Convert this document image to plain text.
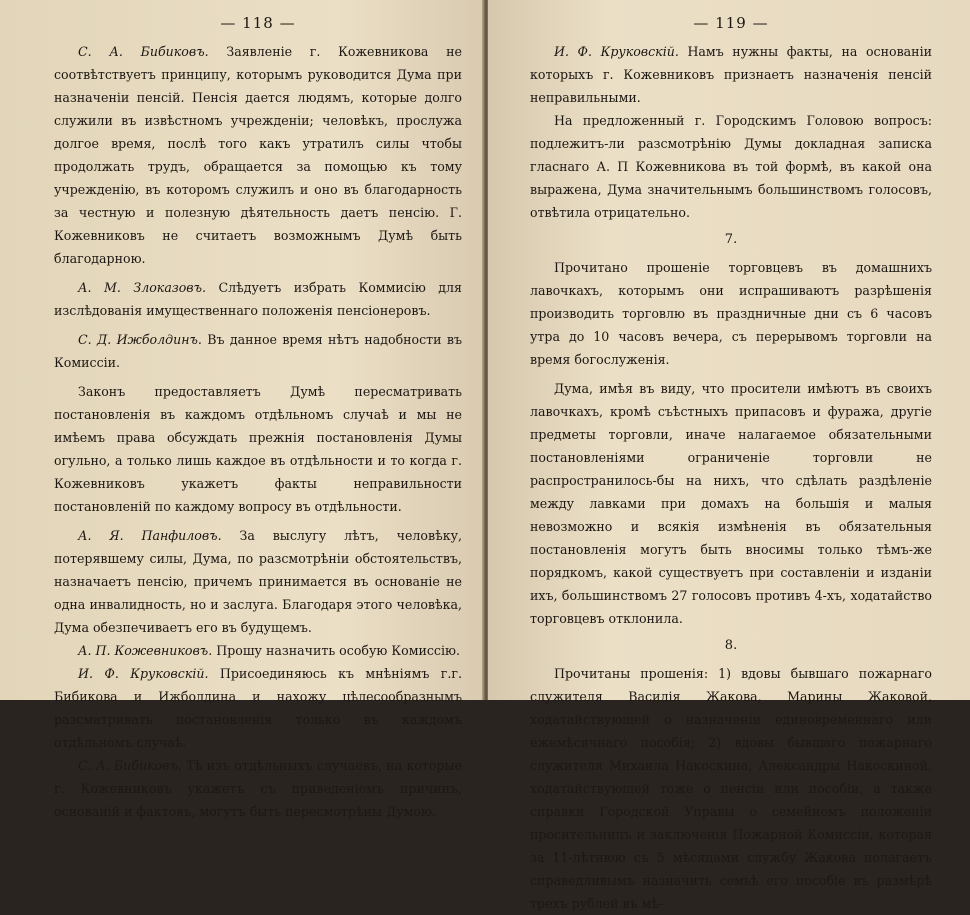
— 118 —

С. А. Бибиковъ. Заявленіе г. Кожевникова не соотвѣтствуетъ принципу, которымъ руководится Дума при назначеніи пенсій. Пенсія дается людямъ, которые долго служили въ извѣстномъ учрежденіи; человѣкъ, прослужа долгое время, послѣ того какъ утратилъ силы чтобы продолжать трудъ, обращается за помощью къ тому учрежденію, въ которомъ служилъ и оно въ благодарность за честную и полезную дѣятельность даетъ пенсію. Г. Кожевниковъ не считаетъ возможнымъ Думѣ быть благодарною.

А. М. Злоказовъ. Слѣдуетъ избрать Коммисію для изслѣдованія имущественнаго положенія пенсіонеровъ.

С. Д. Ижболдинъ. Въ данное время нѣтъ надобности въ Комиссіи.

Законъ предоставляетъ Думѣ пересматривать постановленія въ каждомъ отдѣльномъ случаѣ и мы не имѣемъ права обсуждать прежнія постановленія Думы огульно, а только лишь каждое въ отдѣльности и то когда г. Кожевниковъ укажетъ факты неправильности постановленій по каждому вопросу въ отдѣльности.

А. Я. Панфиловъ. За выслугу лѣтъ, человѣку, потерявшему силы, Дума, по разсмотрѣніи обстоятельствъ, назначаетъ пенсію, причемъ принимается въ основаніе не одна инвалидность, но и заслуга. Благодаря этого человѣка, Дума обезпечиваетъ его въ будущемъ.

А. П. Кожевниковъ. Прошу назначить особую Комиссію.

И. Ф. Круковскій. Присоединяюсь къ мнѣніямъ г.г. Бибикова и Ижболдина и нахожу цѣлесообразнымъ разсматривать постановленія только въ каждомъ отдѣльномъ случаѣ.

С. А. Бибиковъ. Тѣ изъ отдѣльныхъ случаевъ, на которые г. Кожевниковъ укажетъ съ приведеніемъ причинъ, основаній и фактовъ, могутъ быть пересмотрѣны Думою.

— 119 —

И. Ф. Круковскій. Намъ нужны факты, на основаніи которыхъ г. Кожевниковъ признаетъ назначенія пенсій неправильными.

На предложенный г. Городскимъ Головою вопросъ: подлежитъ-ли разсмотрѣнію Думы докладная записка гласнаго А. П Кожевникова въ той формѣ, въ какой она выражена, Дума значительнымъ большинствомъ голосовъ, отвѣтила отрицательно.

7.

Прочитано прошеніе торговцевъ въ домашнихъ лавочкахъ, которымъ они испрашиваютъ разрѣшенія производить торговлю въ праздничные дни съ 6 часовъ утра до 10 часовъ вечера, съ перерывомъ торговли на время богослуженія.

Дума, имѣя въ виду, что просители имѣютъ въ своихъ лавочкахъ, кромѣ съѣстныхъ припасовъ и фуража, другіе предметы торговли, иначе налагаемое обязательными постановленіями ограниченіе торговли не распространилось-бы на нихъ, что сдѣлать раздѣленіе между лавками при домахъ на большія и малыя невозможно и всякія измѣненія въ обязательныя постановленія могутъ быть вносимы только тѣмъ-же порядкомъ, какой существуетъ при составленіи и изданіи ихъ, большинствомъ 27 голосовъ противъ 4-хъ, ходатайство торговцевъ отклонила.

8.

Прочитаны прошенія: 1) вдовы бывшаго пожарнаго служителя Василія Жакова, Марины Жаковой, ходатайствующей о назначеніи единовременнаго или ежемѣсячнаго пособія; 2) вдовы бывшаго пожарнаго служителя Михаила Накоскина, Александры Накоскиной, ходатайствующей тоже о пенсіи или пособіи, а также справки Городской Управы о семейномъ положеніи просительницъ и заключенія Пожарной Комиссіи, которая за 11-лѣтнюю съ 5 мѣсяцами службу Жакова полагаетъ справедливымъ назначить семьѣ его пособіе въ размѣрѣ трехъ рублей въ мѣ-
